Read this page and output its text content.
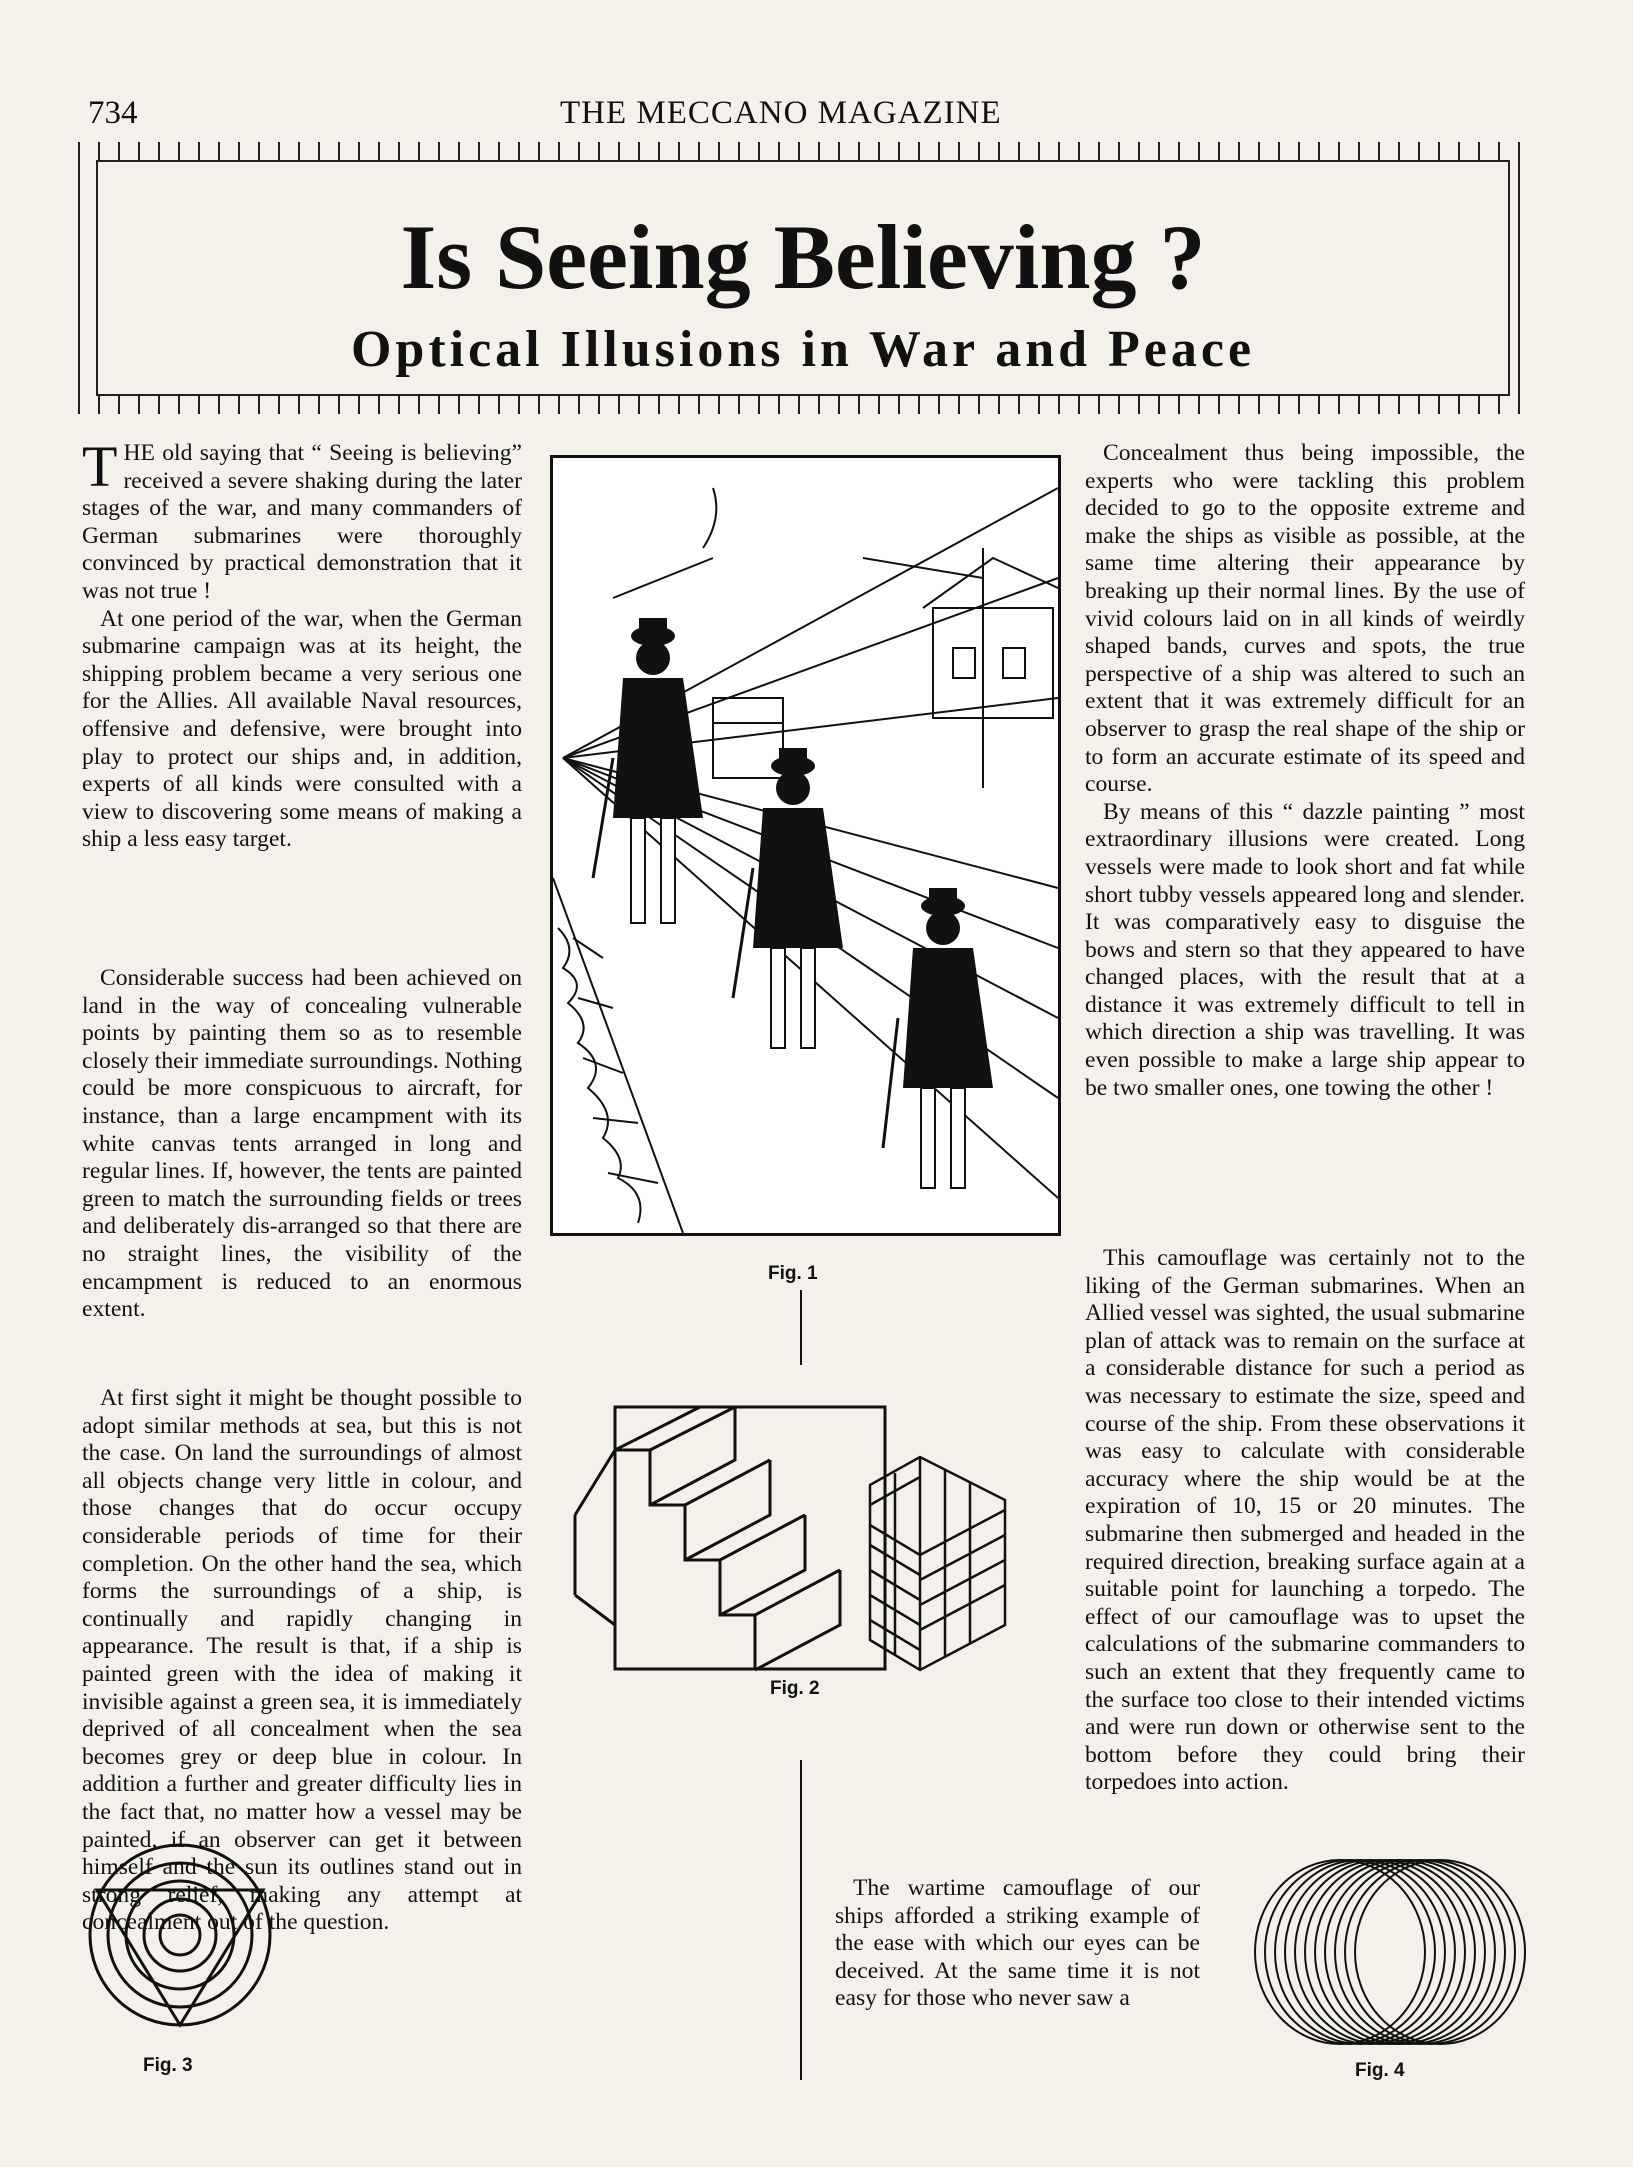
734	THE MECCANO MAGAZINE
Is Seeing Believing ?
Optical Illusions in War and Peace

THE old saying that “ Seeing is believing” received a severe shaking during the later stages of the war, and many commanders of German submarines were thoroughly convinced by practical demonstration that it was not true !

At one period of the war, when the German submarine campaign was at its height, the shipping problem became a very serious one for the Allies. All available Naval resources, offensive and defensive, were brought into play to protect our ships and, in addition, experts of all kinds were consulted with a view to discovering some means of making a ship a less easy target.

Considerable success had been achieved on land in the way of concealing vulnerable points by painting them so as to resemble closely their immediate surroundings. Nothing could be more conspicuous to aircraft, for instance, than a large encampment with its white canvas tents arranged in long and regular lines. If, however, the tents are painted green to match the surrounding fields or trees and deliberately dis-arranged so that there are no straight lines, the visibility of the encampment is reduced to an enormous extent.

At first sight it might be thought possible to adopt similar methods at sea, but this is not the case. On land the surroundings of almost all objects change very little in colour, and those changes that do occur occupy considerable periods of time for their completion. On the other hand the sea, which forms the surroundings of a ship, is continually and rapidly changing in appearance. The result is that, if a ship is painted green with the idea of making it invisible against a green sea, it is immediately deprived of all concealment when the sea becomes grey or deep blue in colour. In addition a further and greater difficulty lies in the fact that, no matter how a vessel may be painted, if an observer can get it between himself and the sun its outlines stand out in strong relief, making any attempt at concealment out of the question.

Concealment thus being impossible, the experts who were tackling this problem decided to go to the opposite extreme and make the ships as visible as possible, at the same time altering their appearance by breaking up their normal lines. By the use of vivid colours laid on in all kinds of weirdly shaped bands, curves and spots, the true perspective of a ship was altered to such an extent that it was extremely difficult for an observer to grasp the real shape of the ship or to form an accurate estimate of its speed and course.

By means of this “ dazzle painting ” most extraordinary illusions were created. Long vessels were made to look short and fat while short tubby vessels appeared long and slender. It was comparatively easy to disguise the bows and stern so that they appeared to have changed places, with the result that at a distance it was extremely difficult to tell in which direction a ship was travelling. It was even possible to make a large ship appear to be two smaller ones, one towing the other !

This camouflage was certainly not to the liking of the German submarines. When an Allied vessel was sighted, the usual submarine plan of attack was to remain on the surface at a considerable distance for such a period as was necessary to estimate the size, speed and course of the ship. From these observations it was easy to calculate with considerable accuracy where the ship would be at the expiration of 10, 15 or 20 minutes. The submarine then submerged and headed in the required direction, breaking surface again at a suitable point for launching a torpedo. The effect of our camouflage was to upset the calculations of the submarine commanders to such an extent that they frequently came to the surface too close to their intended victims and were run down or otherwise sent to the bottom before they could bring their torpedoes into action.

The wartime camouflage of our ships afforded a striking example of the ease with which our eyes can be deceived. At the same time it is not easy for those who never saw a

Fig. 1
Fig. 2
Fig. 3	Fig. 4
